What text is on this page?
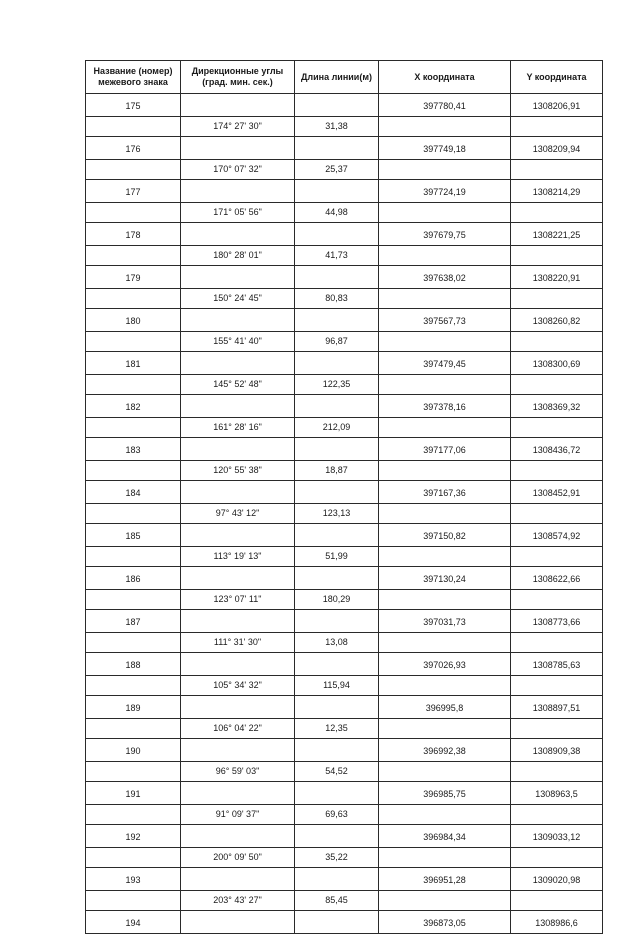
Название (номер) межевого знака	Дирекционные углы (град. мин. сек.)	Длина линии(м)	X координата	Y координата
175			397780,41	1308206,91
	174° 27' 30"	31,38		
176			397749,18	1308209,94
	170° 07' 32"	25,37		
177			397724,19	1308214,29
	171° 05' 56"	44,98		
178			397679,75	1308221,25
	180° 28' 01"	41,73		
179			397638,02	1308220,91
	150° 24' 45"	80,83		
180			397567,73	1308260,82
	155° 41' 40"	96,87		
181			397479,45	1308300,69
	145° 52' 48"	122,35		
182			397378,16	1308369,32
	161° 28' 16"	212,09		
183			397177,06	1308436,72
	120° 55' 38"	18,87		
184			397167,36	1308452,91
	97° 43' 12"	123,13		
185			397150,82	1308574,92
	113° 19' 13"	51,99		
186			397130,24	1308622,66
	123° 07' 11"	180,29		
187			397031,73	1308773,66
	111° 31' 30"	13,08		
188			397026,93	1308785,63
	105° 34' 32"	115,94		
189			396995,8	1308897,51
	106° 04' 22"	12,35		
190			396992,38	1308909,38
	96° 59' 03"	54,52		
191			396985,75	1308963,5
	91° 09' 37"	69,63		
192			396984,34	1309033,12
	200° 09' 50"	35,22		
193			396951,28	1309020,98
	203° 43' 27"	85,45		
194			396873,05	1308986,6
